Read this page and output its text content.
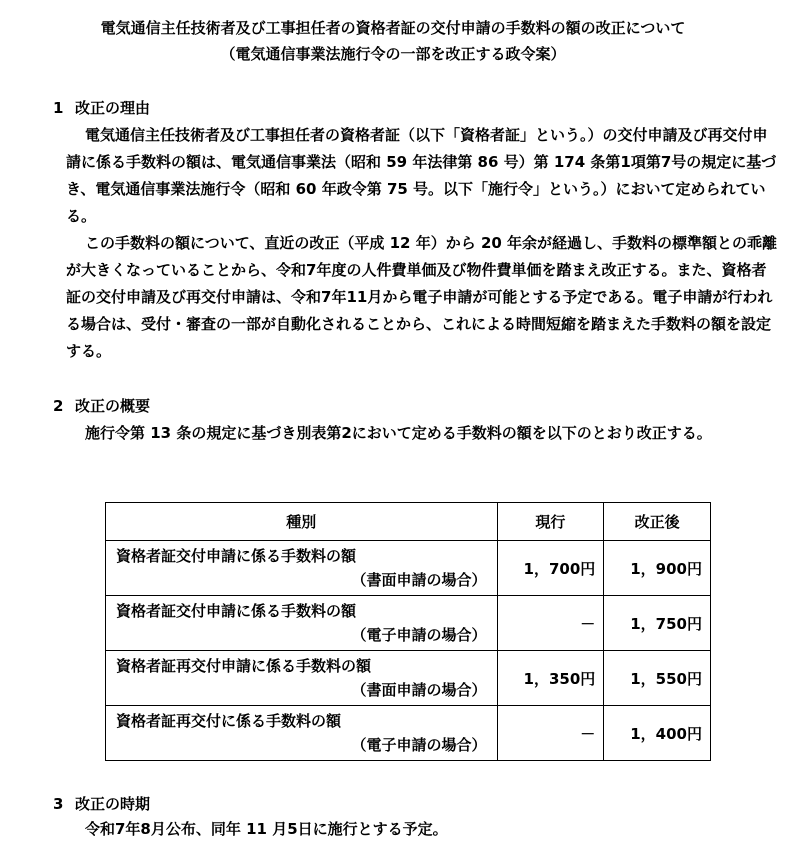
電気通信主任技術者及び工事担任者の資格者証の交付申請の手数料の額の改正について
（電気通信事業法施行令の一部を改正する政令案）
1 改正の理由

電気通信主任技術者及び工事担任者の資格者証（以下「資格者証」という。）の交付申請及び再交付申請に係る手数料の額は、電気通信事業法（昭和 59 年法律第 86 号）第 174 条第1項第7号の規定に基づき、電気通信事業法施行令（昭和 60 年政令第 75 号。以下「施行令」という。）において定められている。

この手数料の額について、直近の改正（平成 12 年）から 20 年余が経過し、手数料の標準額との乖離が大きくなっていることから、令和7年度の人件費単価及び物件費単価を踏まえ改正する。また、資格者証の交付申請及び再交付申請は、令和7年11月から電子申請が可能とする予定である。電子申請が行われる場合は、受付・審査の一部が自動化されることから、これによる時間短縮を踏まえた手数料の額を設定する。

2 改正の概要

施行令第 13 条の規定に基づき別表第2において定める手数料の額を以下のとおり改正する。

種別	現行	改正後

資格者証交付申請に係る手数料の額
（書面申請の場合）	1，700円	1，900円

資格者証交付申請に係る手数料の額
（電子申請の場合）	－	1，750円

資格者証再交付申請に係る手数料の額
（書面申請の場合）	1，350円	1，550円

資格者証再交付に係る手数料の額
（電子申請の場合）	－	1，400円
3 改正の時期

令和7年8月公布、同年 11 月5日に施行とする予定。
